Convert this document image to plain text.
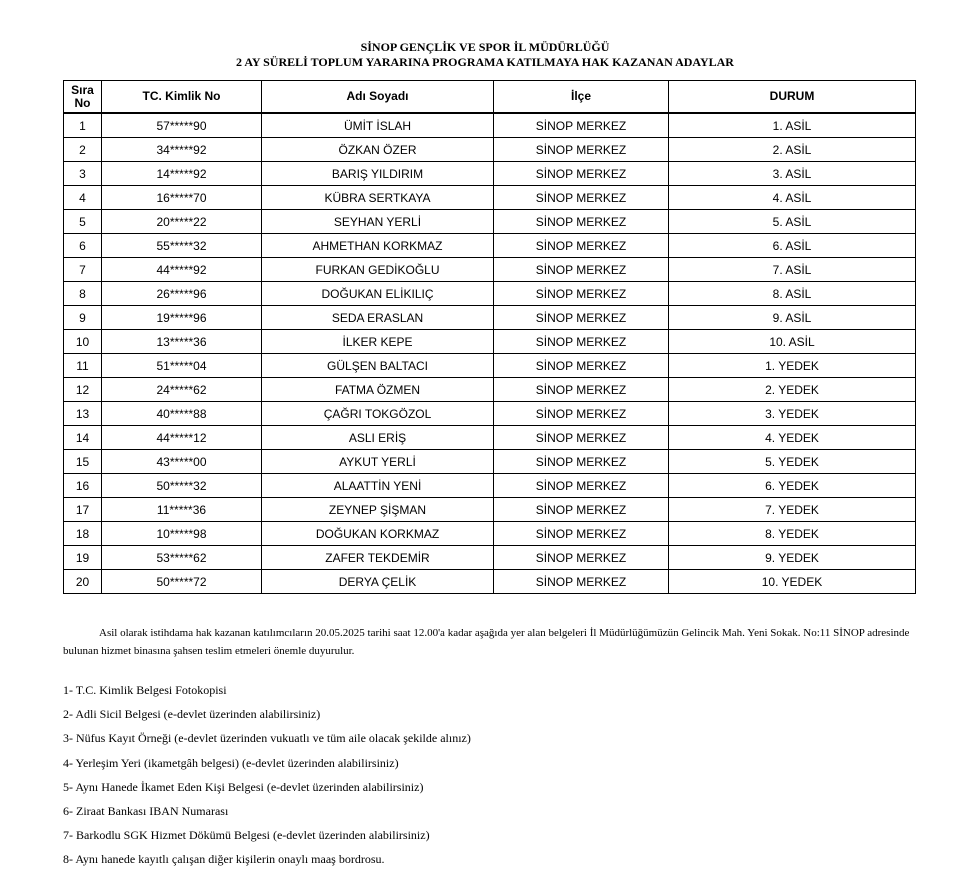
SİNOP GENÇLİK VE SPOR İL MÜDÜRLÜĞÜ
2 AY SÜRELİ TOPLUM YARARINA PROGRAMA KATILMAYA HAK KAZANAN ADAYLAR
Sıra
No	TC. Kimlik No	Adı Soyadı	İlçe	DURUM
1	57*****90	ÜMİT İSLAH	SİNOP MERKEZ	1. ASİL
2	34*****92	ÖZKAN ÖZER	SİNOP MERKEZ	2. ASİL
3	14*****92	BARIŞ YILDIRIM	SİNOP MERKEZ	3. ASİL
4	16*****70	KÜBRA SERTKAYA	SİNOP MERKEZ	4. ASİL
5	20*****22	SEYHAN YERLİ	SİNOP MERKEZ	5. ASİL
6	55*****32	AHMETHAN KORKMAZ	SİNOP MERKEZ	6. ASİL
7	44*****92	FURKAN GEDİKOĞLU	SİNOP MERKEZ	7. ASİL
8	26*****96	DOĞUKAN ELİKILIÇ	SİNOP MERKEZ	8. ASİL
9	19*****96	SEDA ERASLAN	SİNOP MERKEZ	9. ASİL
10	13*****36	İLKER KEPE	SİNOP MERKEZ	10. ASİL
11	51*****04	GÜLŞEN BALTACI	SİNOP MERKEZ	1. YEDEK
12	24*****62	FATMA ÖZMEN	SİNOP MERKEZ	2. YEDEK
13	40*****88	ÇAĞRI TOKGÖZOL	SİNOP MERKEZ	3. YEDEK
14	44*****12	ASLI ERİŞ	SİNOP MERKEZ	4. YEDEK
15	43*****00	AYKUT YERLİ	SİNOP MERKEZ	5. YEDEK
16	50*****32	ALAATTİN YENİ	SİNOP MERKEZ	6. YEDEK
17	11*****36	ZEYNEP ŞİŞMAN	SİNOP MERKEZ	7. YEDEK
18	10*****98	DOĞUKAN KORKMAZ	SİNOP MERKEZ	8. YEDEK
19	53*****62	ZAFER TEKDEMİR	SİNOP MERKEZ	9. YEDEK
20	50*****72	DERYA ÇELİK	SİNOP MERKEZ	10. YEDEK
Asil olarak istihdama hak kazanan katılımcıların 20.05.2025 tarihi saat 12.00'a kadar aşağıda yer alan belgeleri İl Müdürlüğümüzün Gelincik Mah. Yeni Sokak. No:11 SİNOP adresinde bulunan hizmet binasına şahsen teslim etmeleri önemle duyurulur.
1- T.C. Kimlik Belgesi Fotokopisi
2- Adli Sicil Belgesi (e-devlet üzerinden alabilirsiniz)
3- Nüfus Kayıt Örneği (e-devlet üzerinden vukuatlı ve tüm aile olacak şekilde alınız)
4- Yerleşim Yeri (ikametgâh belgesi) (e-devlet üzerinden alabilirsiniz)
5- Aynı Hanede İkamet Eden Kişi Belgesi (e-devlet üzerinden alabilirsiniz)
6- Ziraat Bankası IBAN Numarası
7- Barkodlu SGK Hizmet Dökümü Belgesi (e-devlet üzerinden alabilirsiniz)
8- Aynı hanede kayıtlı çalışan diğer kişilerin onaylı maaş bordrosu.
